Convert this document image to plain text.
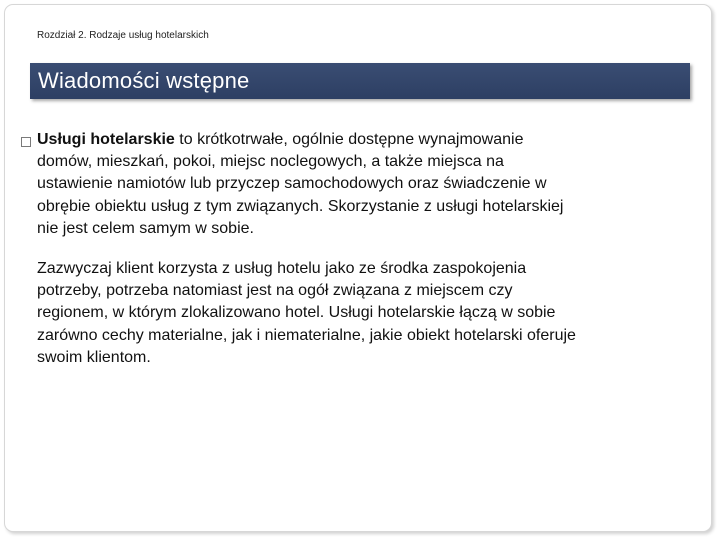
Rozdział 2. Rodzaje usług hotelarskich
Wiadomości wstępne
Usługi hotelarskie to krótkotrwałe, ogólnie dostępne wynajmowanie
domów, mieszkań, pokoi, miejsc noclegowych, a także miejsca na
ustawienie namiotów lub przyczep samochodowych oraz świadczenie w
obrębie obiektu usług z tym związanych. Skorzystanie z usługi hotelarskiej
nie jest celem samym w sobie.
Zazwyczaj klient korzysta z usług hotelu jako ze środka zaspokojenia
potrzeby, potrzeba natomiast jest na ogół związana z miejscem czy
regionem, w którym zlokalizowano hotel. Usługi hotelarskie łączą w sobie
zarówno cechy materialne, jak i niematerialne, jakie obiekt hotelarski oferuje
swoim klientom.
